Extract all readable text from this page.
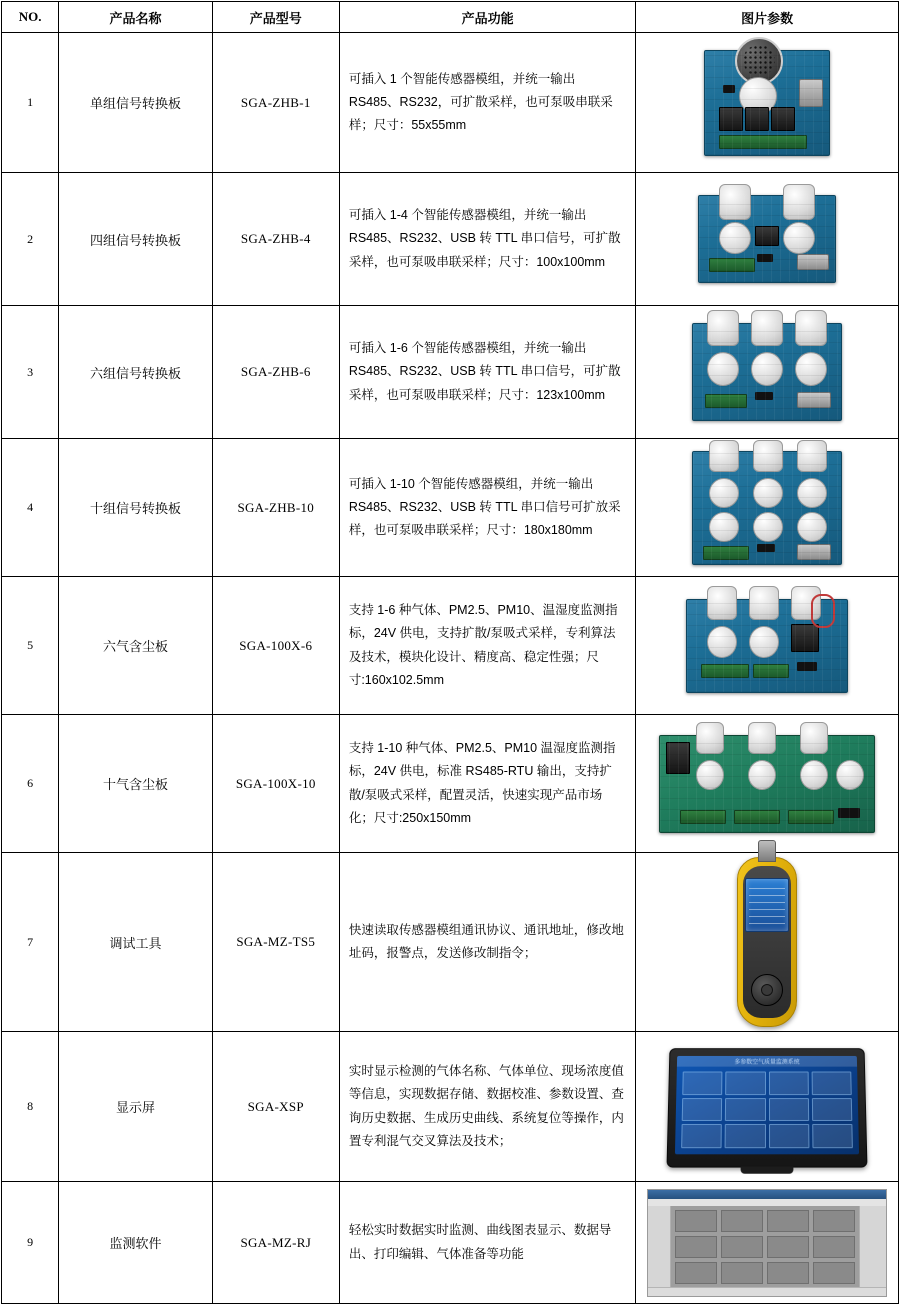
NO.	产品名称	产品型号	产品功能	图片参数
1	单组信号转换板	SGA-ZHB-1	可插入 1 个智能传感器模组，并统一输出 RS485、RS232，可扩散采样，也可泵吸串联采样；尺寸：55x55mm	

2	四组信号转换板	SGA-ZHB-4	可插入 1-4 个智能传感器模组，并统一输出 RS485、RS232、USB 转 TTL 串口信号，可扩散采样，也可泵吸串联采样；尺寸：100x100mm	

3	六组信号转换板	SGA-ZHB-6	可插入 1-6 个智能传感器模组，并统一输出 RS485、RS232、USB 转 TTL 串口信号，可扩散采样，也可泵吸串联采样；尺寸：123x100mm	

4	十组信号转换板	SGA-ZHB-10	可插入 1-10 个智能传感器模组，并统一输出 RS485、RS232、USB 转 TTL 串口信号可扩放采样，也可泵吸串联采样；尺寸：180x180mm	

5	六气含尘板	SGA-100X-6	支持 1-6 种气体、PM2.5、PM10、温湿度监测指标，24V 供电，支持扩散/泵吸式采样，专利算法及技术，模块化设计、精度高、稳定性强；尺寸:160x102.5mm	

6	十气含尘板	SGA-100X-10	支持 1-10 种气体、PM2.5、PM10 温湿度监测指标，24V 供电，标准 RS485-RTU 输出，支持扩散/泵吸式采样，配置灵活，快速实现产品市场化；尺寸:250x150mm	

7	调试工具	SGA-MZ-TS5	快速读取传感器模组通讯协议、通讯地址，修改地址码，报警点，发送修改制指令；	

8	显示屏	SGA-XSP	实时显示检测的气体名称、气体单位、现场浓度值等信息，实现数据存储、数据校准、参数设置、查询历史数据、生成历史曲线、系统复位等操作，内置专利混气交叉算法及技术；	多参数空气质量监测系统

9	监测软件	SGA-MZ-RJ	轻松实时数据实时监测、曲线图表显示、数据导出、打印编辑、气体准备等功能	
